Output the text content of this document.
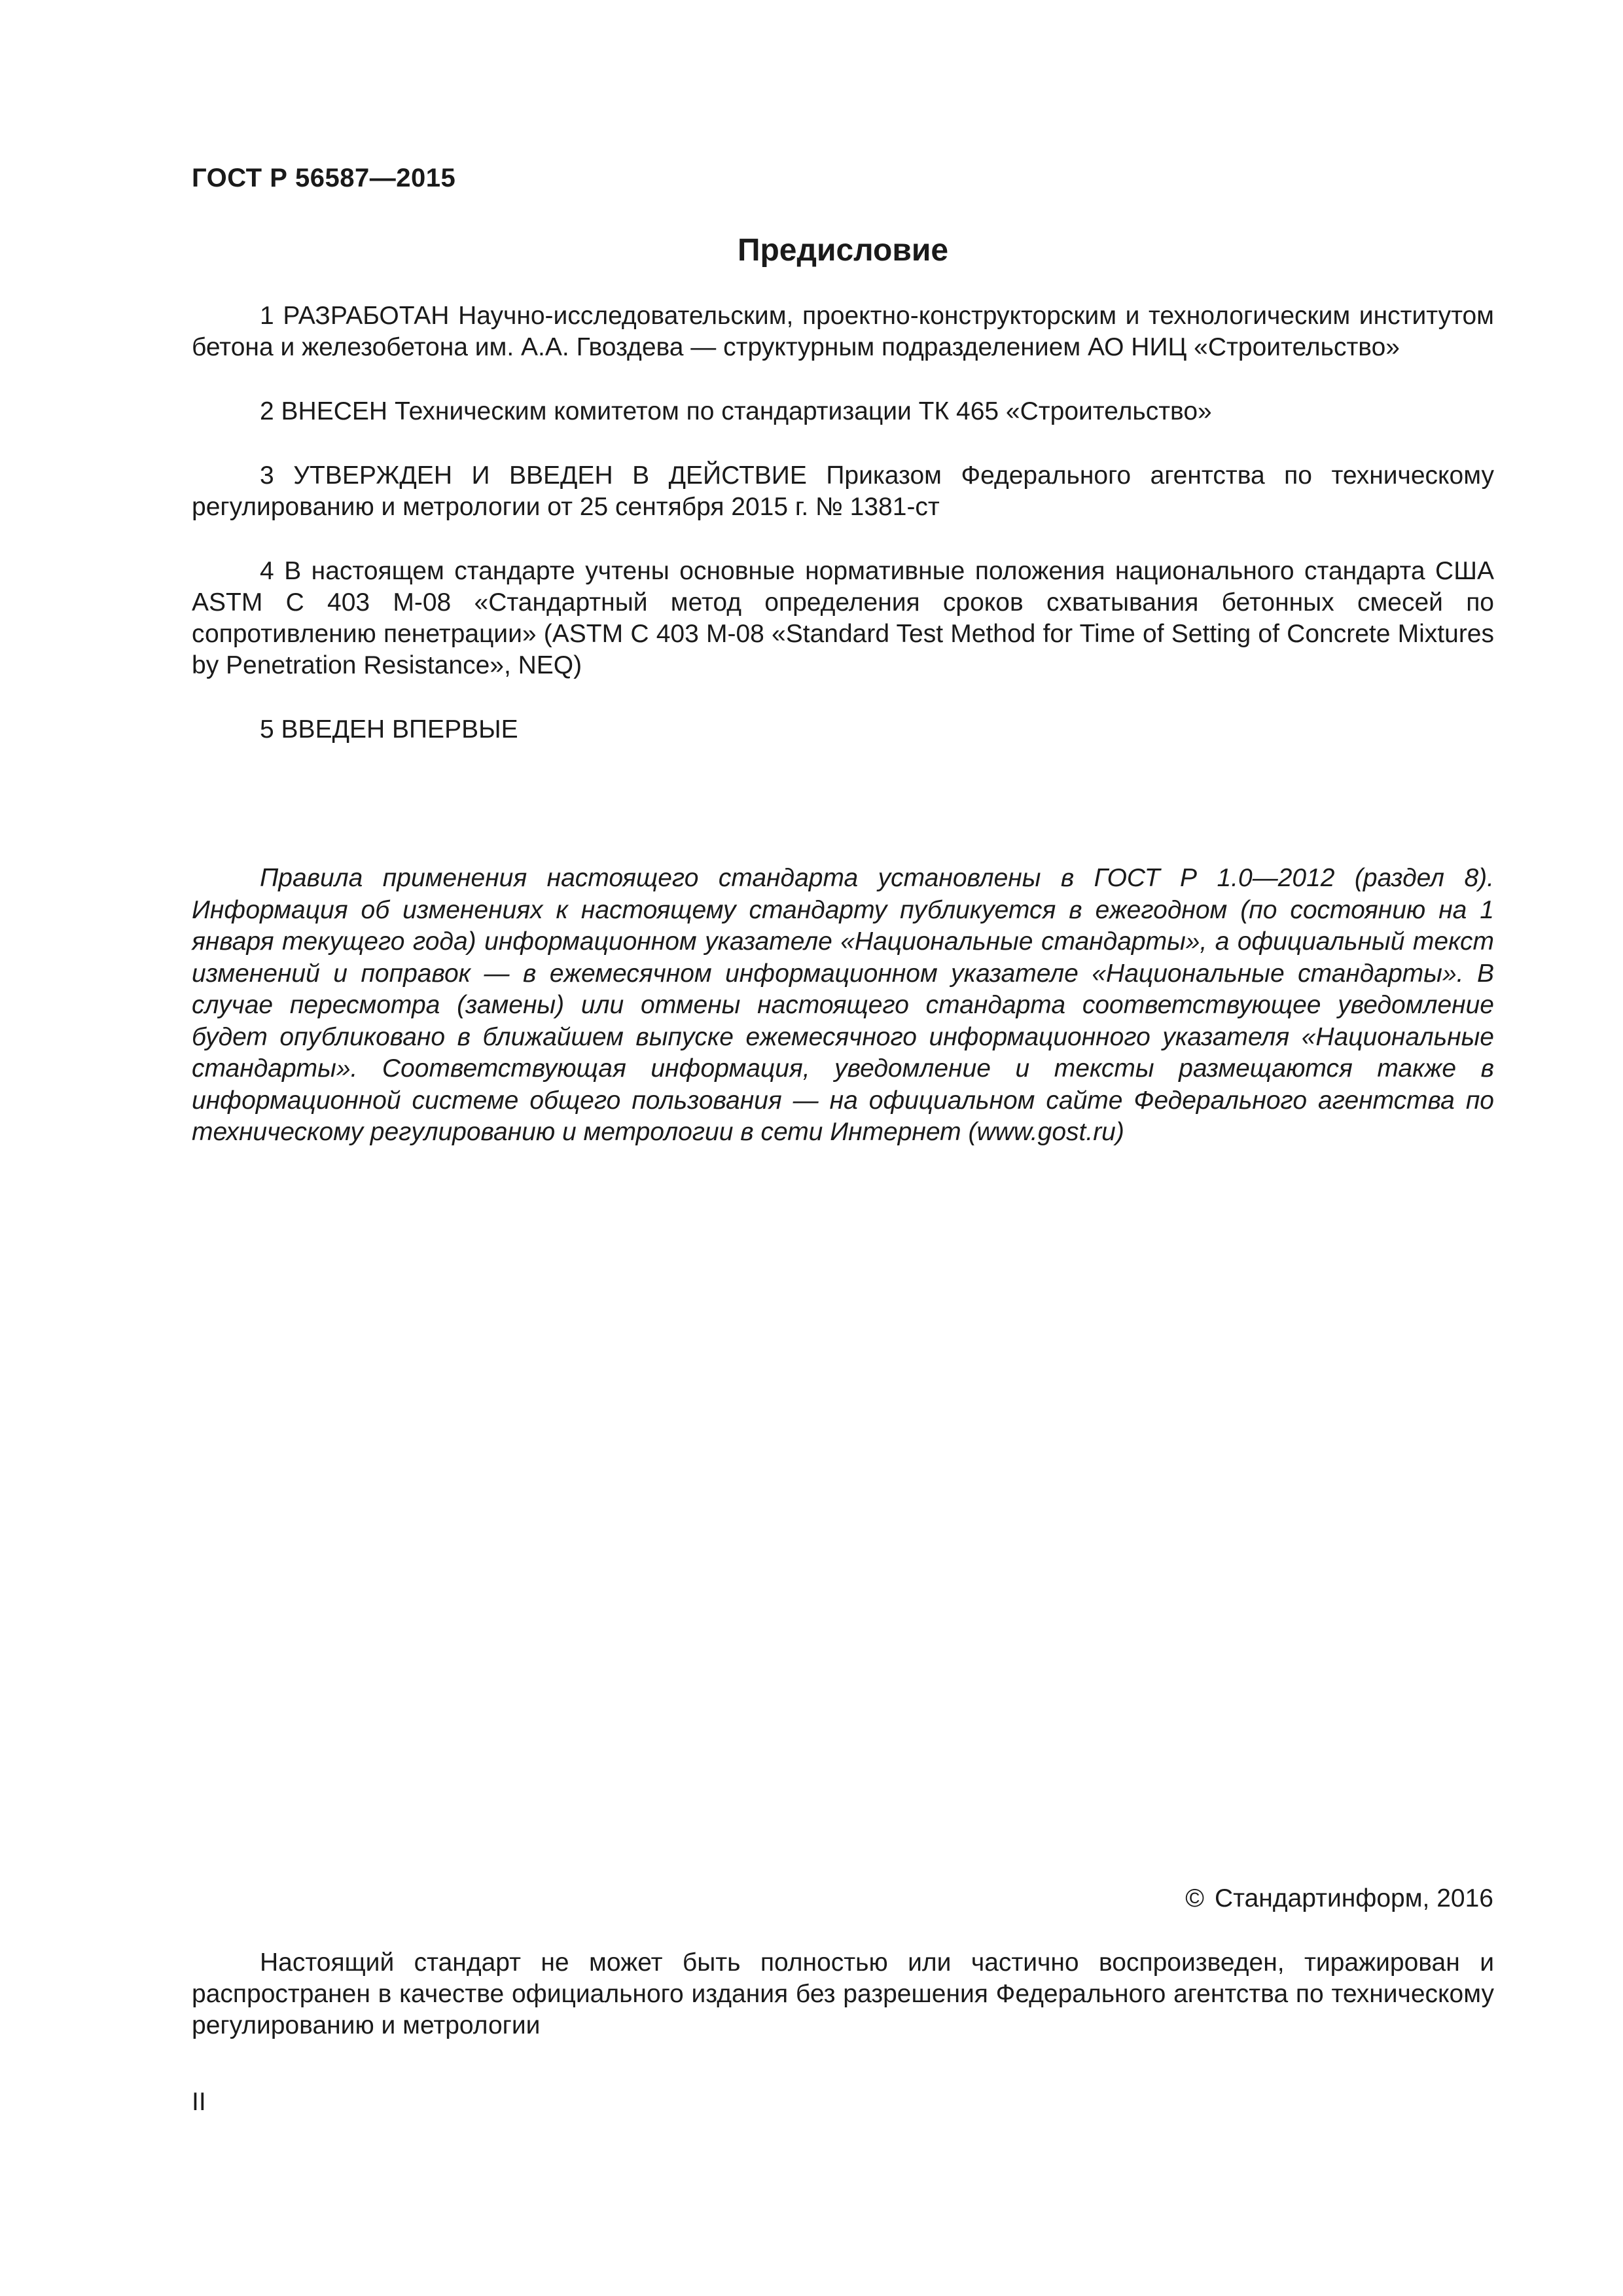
ГОСТ Р 56587—2015
Предисловие

1 РАЗРАБОТАН Научно-исследовательским, проектно-конструкторским и технологическим институтом бетона и железобетона им. А.А. Гвоздева — структурным подразделением АО НИЦ «Строительство»

2 ВНЕСЕН Техническим комитетом по стандартизации ТК 465 «Строительство»

3 УТВЕРЖДЕН И ВВЕДЕН В ДЕЙСТВИЕ Приказом Федерального агентства по техническому регулированию и метрологии от 25 сентября 2015 г. № 1381-ст

4 В настоящем стандарте учтены основные нормативные положения национального стандарта США ASTM C 403 M-08 «Стандартный метод определения сроков схватывания бетонных смесей по сопротивлению пенетрации» (ASTM C 403 M-08 «Standard Test Method for Time of Setting of Concrete Mixtures by Penetration Resistance», NEQ)

5 ВВЕДЕН ВПЕРВЫЕ

Правила применения настоящего стандарта установлены в ГОСТ Р 1.0—2012 (раздел 8). Информация об изменениях к настоящему стандарту публикуется в ежегодном (по состоянию на 1 января текущего года) информационном указателе «Национальные стандарты», а официальный текст изменений и поправок — в ежемесячном информационном указателе «Национальные стандарты». В случае пересмотра (замены) или отмены настоящего стандарта соответствующее уведомление будет опубликовано в ближайшем выпуске ежемесячного информационного указателя «Национальные стандарты». Соответствующая информация, уведомление и тексты размещаются также в информационной системе общего пользования — на официальном сайте Федерального агентства по техническому регулированию и метрологии в сети Интернет (www.gost.ru)

© Стандартинформ, 2016

Настоящий стандарт не может быть полностью или частично воспроизведен, тиражирован и распространен в качестве официального издания без разрешения Федерального агентства по техническому регулированию и метрологии

II
